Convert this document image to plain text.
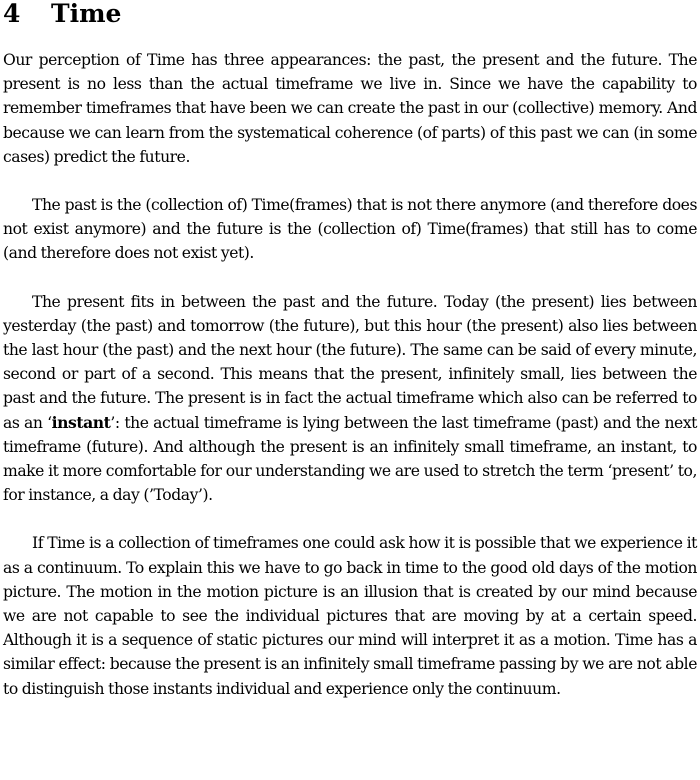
4 Time

Our perception of Time has three appearances: the past, the present and the future. The present is no less than the actual timeframe we live in. Since we have the capability to remember timeframes that have been we can create the past in our (collective) memory. And because we can learn from the systematical coherence (of parts) of this past we can (in some cases) predict the future.

The past is the (collection of) Time(frames) that is not there anymore (and therefore does not exist anymore) and the future is the (collection of) Time(frames) that still has to come (and therefore does not exist yet).

The present fits in between the past and the future. Today (the present) lies between yesterday (the past) and tomorrow (the future), but this hour (the present) also lies between the last hour (the past) and the next hour (the future). The same can be said of every minute, second or part of a second. This means that the present, infinitely small, lies between the past and the future. The present is in fact the actual timeframe which also can be referred to as an ‘instant’: the actual timeframe is lying between the last timeframe (past) and the next timeframe (future). And although the present is an infinitely small timeframe, an instant, to make it more comfortable for our understanding we are used to stretch the term ‘present’ to, for instance, a day (’Today’).

If Time is a collection of timeframes one could ask how it is possible that we experience it as a continuum. To explain this we have to go back in time to the good old days of the motion picture. The motion in the motion picture is an illusion that is created by our mind because we are not capable to see the individual pictures that are moving by at a certain speed. Although it is a sequence of static pictures our mind will interpret it as a motion. Time has a similar effect: because the present is an infinitely small timeframe passing by we are not able to distinguish those instants individual and experience only the continuum.
